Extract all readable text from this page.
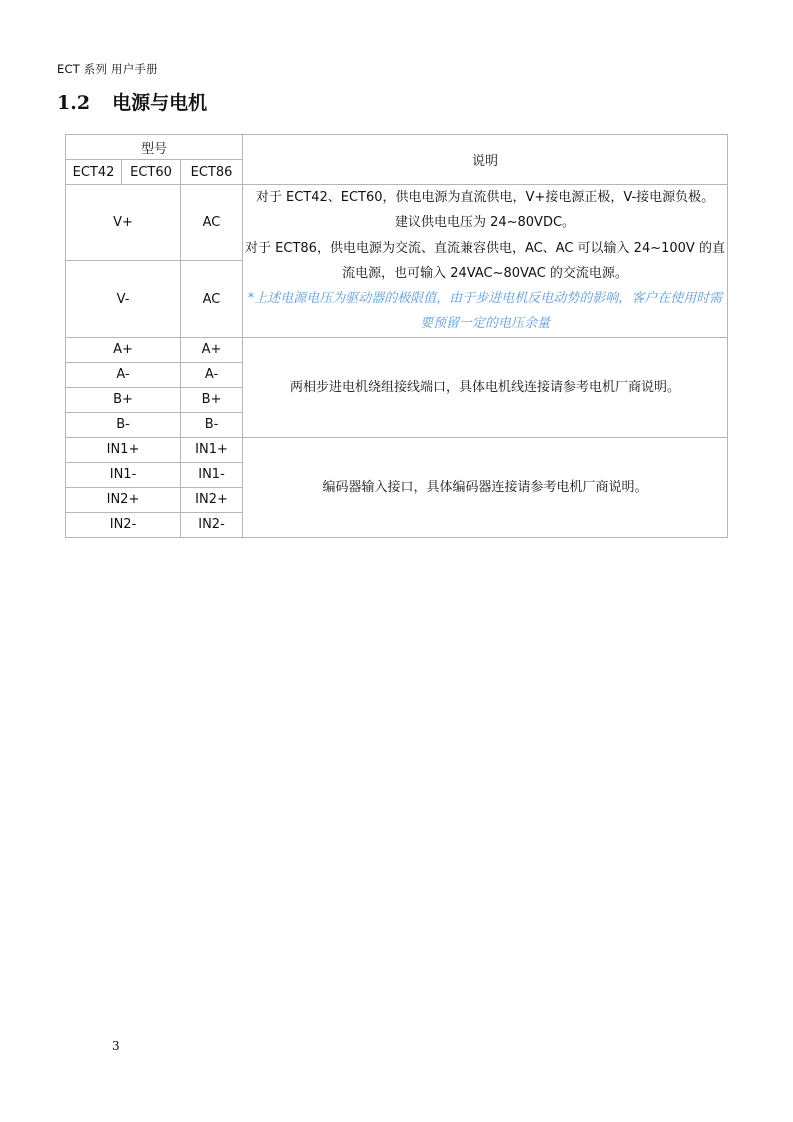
ECT 系列 用户手册
1.2 电源与电机
型号			说明
ECT42	ECT60	ECT86	
V+		AC	对于 ECT42、ECT60，供电电源为直流供电，V+接电源正极，V-接电源负极。

建议供电电压为 24~80VDC。

对于 ECT86，供电电源为交流、直流兼容供电，AC、AC 可以输入 24~100V 的直流电源，也可输入 24VAC~80VAC 的交流电源。

*上述电源电压为驱动器的极限值，由于步进电机反电动势的影响，客户在使用时需要预留一定的电压余量

V-		AC	
A+		A+	两相步进电机绕组接线端口，具体电机线连接请参考电机厂商说明。
A-		A-	
B+		B+	
B-		B-	
IN1+		IN1+	编码器输入接口，具体编码器连接请参考电机厂商说明。
IN1-		IN1-	
IN2+		IN2+	
IN2-		IN2-	
3
